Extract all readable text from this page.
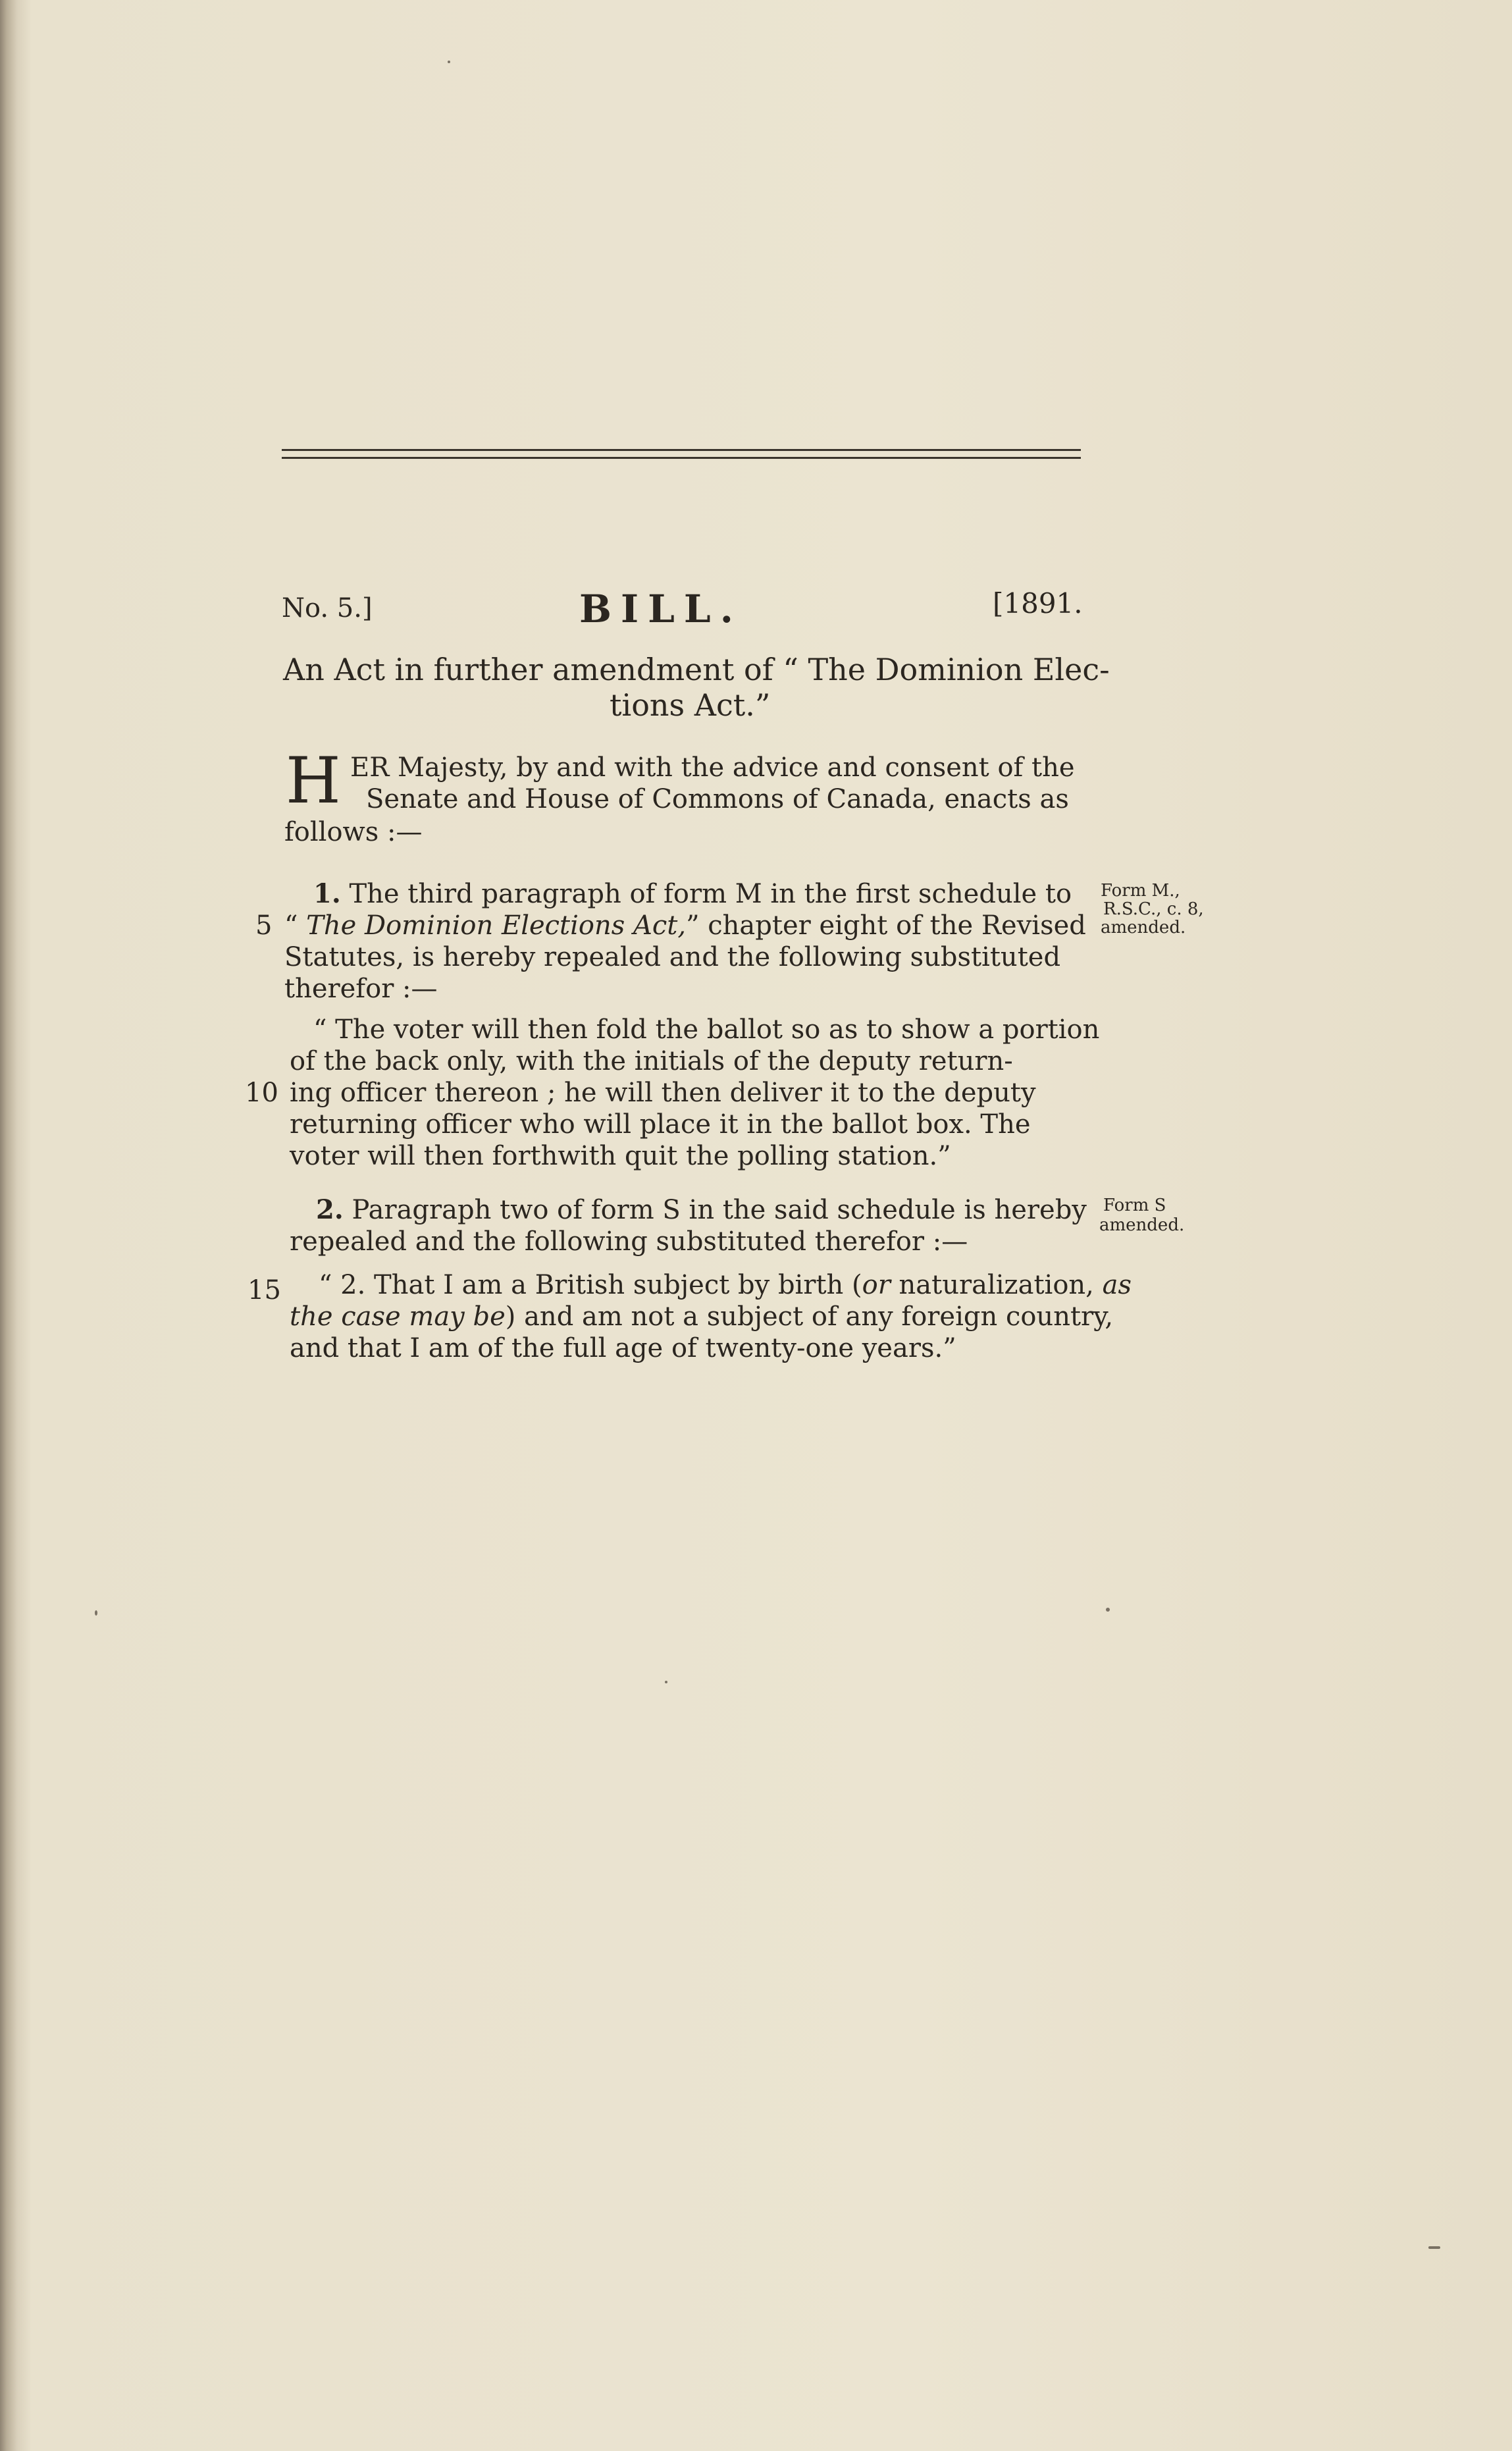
No. 5.]	BILL.	[1891.
An Act in further amendment of “ The Dominion Elec-
tions Act.”
H ER Majesty, by and with the advice and consent of the
Senate and House of Commons of Canada, enacts as
follows :—
1. The third paragraph of form M in the first schedule to
5 “ The Dominion Elections Act,” chapter eight of the Revised
Statutes, is hereby repealed and the following substituted
therefor :—
Form M.,
R.S.C., c. 8,
amended.
“ The voter will then fold the ballot so as to show a portion
of the back only, with the initials of the deputy return-
10 ing officer thereon ; he will then deliver it to the deputy
returning officer who will place it in the ballot box. The
voter will then forthwith quit the polling station.”
2. Paragraph two of form S in the said schedule is hereby
repealed and the following substituted therefor :—
Form S
amended.
15 “ 2. That I am a British subject by birth (or naturalization, as
the case may be) and am not a subject of any foreign country,
and that I am of the full age of twenty-one years.”
